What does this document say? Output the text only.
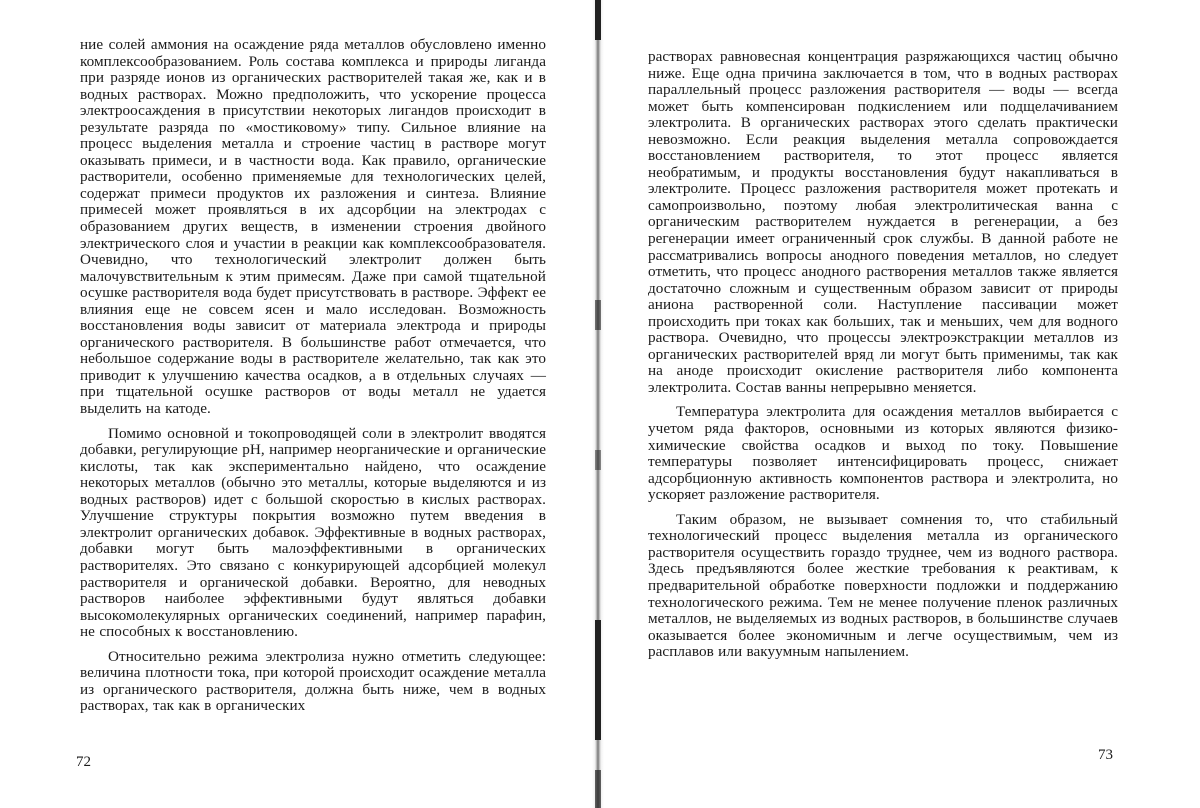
ние солей аммония на осаждение ряда металлов обусловлено именно комплексообразованием. Роль состава комплекса и природы лиганда при разряде ионов из органических растворителей такая же, как и в водных растворах. Можно предположить, что ускорение процесса электроосаждения в присутствии некоторых лигандов происходит в результате разряда по «мостиковому» типу. Сильное влияние на процесс выделения металла и строение частиц в растворе могут оказывать примеси, и в частности вода. Как правило, органические растворители, особенно применяемые для технологических целей, содержат примеси продуктов их разложения и синтеза. Влияние примесей может проявляться в их адсорбции на электродах с образованием других веществ, в изменении строения двойного электрического слоя и участии в реакции как комплексообразователя. Очевидно, что технологический электролит должен быть малочувствительным к этим примесям. Даже при самой тщательной осушке растворителя вода будет присутствовать в растворе. Эффект ее влияния еще не совсем ясен и мало исследован. Возможность восстановления воды зависит от материала электрода и природы органического растворителя. В большинстве работ отмечается, что небольшое содержание воды в растворителе желательно, так как это приводит к улучшению качества осадков, а в отдельных случаях — при тщательной осушке растворов от воды металл не удается выделить на катоде.

Помимо основной и токопроводящей соли в электролит вводятся добавки, регулирующие pH, например неорганические и органические кислоты, так как экспериментально найдено, что осаждение некоторых металлов (обычно это металлы, которые выделяются и из водных растворов) идет с большой скоростью в кислых растворах. Улучшение структуры покрытия возможно путем введения в электролит органических добавок. Эффективные в водных растворах, добавки могут быть малоэффективными в органических растворителях. Это связано с конкурирующей адсорбцией молекул растворителя и органической добавки. Вероятно, для неводных растворов наиболее эффективными будут являться добавки высокомолекулярных органических соединений, например парафин, не способных к восстановлению.

Относительно режима электролиза нужно отметить следующее: величина плотности тока, при которой происходит осаждение металла из органического растворителя, должна быть ниже, чем в водных растворах, так как в органических

72

растворах равновесная концентрация разряжающихся частиц обычно ниже. Еще одна причина заключается в том, что в водных растворах параллельный процесс разложения растворителя — воды — всегда может быть компенсирован подкислением или подщелачиванием электролита. В органических растворах этого сделать практически невозможно. Если реакция выделения металла сопровождается восстановлением растворителя, то этот процесс является необратимым, и продукты восстановления будут накапливаться в электролите. Процесс разложения растворителя может протекать и самопроизвольно, поэтому любая электролитическая ванна с органическим растворителем нуждается в регенерации, а без регенерации имеет ограниченный срок службы. В данной работе не рассматривались вопросы анодного поведения металлов, но следует отметить, что процесс анодного растворения металлов также является достаточно сложным и существенным образом зависит от природы аниона растворенной соли. Наступление пассивации может происходить при токах как больших, так и меньших, чем для водного раствора. Очевидно, что процессы электроэкстракции металлов из органических растворителей вряд ли могут быть применимы, так как на аноде происходит окисление растворителя либо компонента электролита. Состав ванны непрерывно меняется.

Температура электролита для осаждения металлов выбирается с учетом ряда факторов, основными из которых являются физико-химические свойства осадков и выход по току. Повышение температуры позволяет интенсифицировать процесс, снижает адсорбционную активность компонентов раствора и электролита, но ускоряет разложение растворителя.

Таким образом, не вызывает сомнения то, что стабильный технологический процесс выделения металла из органического растворителя осуществить гораздо труднее, чем из водного раствора. Здесь предъявляются более жесткие требования к реактивам, к предварительной обработке поверхности подложки и поддержанию технологического режима. Тем не менее получение пленок различных металлов, не выделяемых из водных растворов, в большинстве случаев оказывается более экономичным и легче осуществимым, чем из расплавов или вакуумным напылением.

73
